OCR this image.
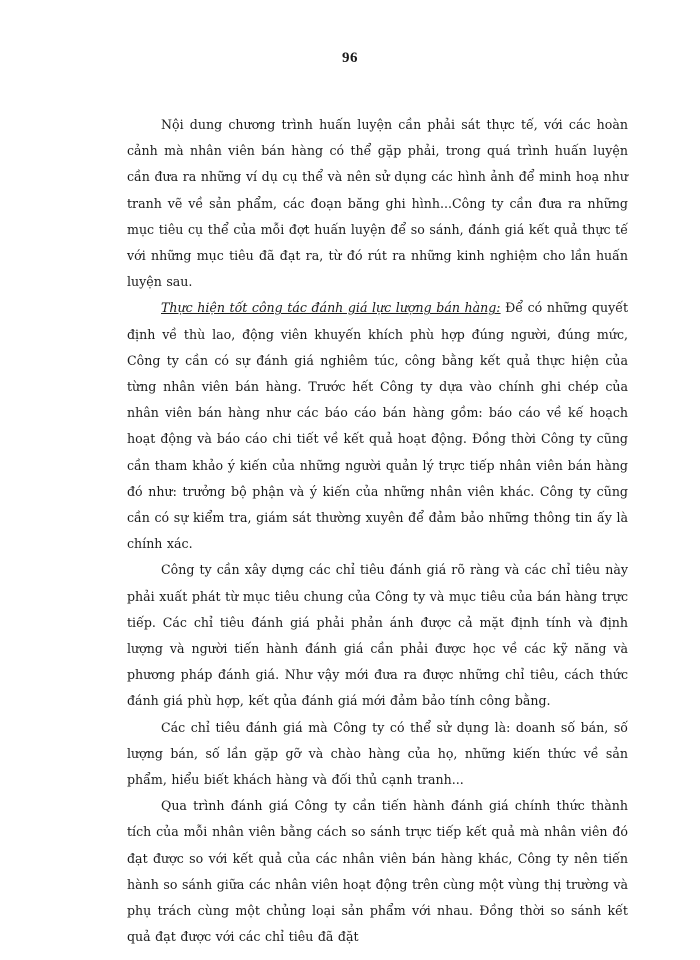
96

Nội dung chương trình huấn luyện cần phải sát thực tế, với các hoàn cảnh mà nhân viên bán hàng có thể gặp phải, trong quá trình huấn luyện cần đưa ra những ví dụ cụ thể và nên sử dụng các hình ảnh để minh hoạ như tranh vẽ về sản phẩm, các đoạn băng ghi hình...Công ty cần đưa ra những mục tiêu cụ thể của mỗi đợt huấn luyện để so sánh, đánh giá kết quả thực tế với những mục tiêu đã đạt ra, từ đó rút ra những kinh nghiệm cho lần huấn luyện sau.

Thực hiện tốt công tác đánh giá lực lượng bán hàng: Để có những quyết định về thù lao, động viên khuyến khích phù hợp đúng người, đúng mức, Công ty cần có sự đánh giá nghiêm túc, công bằng kết quả thực hiện của từng nhân viên bán hàng. Trước hết Công ty dựa vào chính ghi chép của nhân viên bán hàng như các báo cáo bán hàng gồm: báo cáo về kế hoạch hoạt động và báo cáo chi tiết về kết quả hoạt động. Đồng thời Công ty cũng cần tham khảo ý kiến của những người quản lý trực tiếp nhân viên bán hàng đó như: trưởng bộ phận và ý kiến của những nhân viên khác. Công ty cũng cần có sự kiểm tra, giám sát thường xuyên để đảm bảo những thông tin ấy là chính xác.

Công ty cần xây dựng các chỉ tiêu đánh giá rõ ràng và các chỉ tiêu này phải xuất phát từ mục tiêu chung của Công ty và mục tiêu của bán hàng trực tiếp. Các chỉ tiêu đánh giá phải phản ánh được cả mặt định tính và định lượng và người tiến hành đánh giá cần phải được học về các kỹ năng và phương pháp đánh giá. Như vậy mới đưa ra được những chỉ tiêu, cách thức đánh giá phù hợp, kết qủa đánh giá mới đảm bảo tính công bằng.

Các chỉ tiêu đánh giá mà Công ty có thể sử dụng là: doanh số bán, số lượng bán, số lần gặp gỡ và chào hàng của họ, những kiến thức về sản phẩm, hiểu biết khách hàng và đối thủ cạnh tranh...

Qua trình đánh giá Công ty cần tiến hành đánh giá chính thức thành tích của mỗi nhân viên bằng cách so sánh trực tiếp kết quả mà nhân viên đó đạt được so với kết quả của các nhân viên bán hàng khác, Công ty nên tiến hành so sánh giữa các nhân viên hoạt động trên cùng một vùng thị trường và phụ trách cùng một chủng loại sản phẩm với nhau. Đồng thời so sánh kết quả đạt được với các chỉ tiêu đã đặt
